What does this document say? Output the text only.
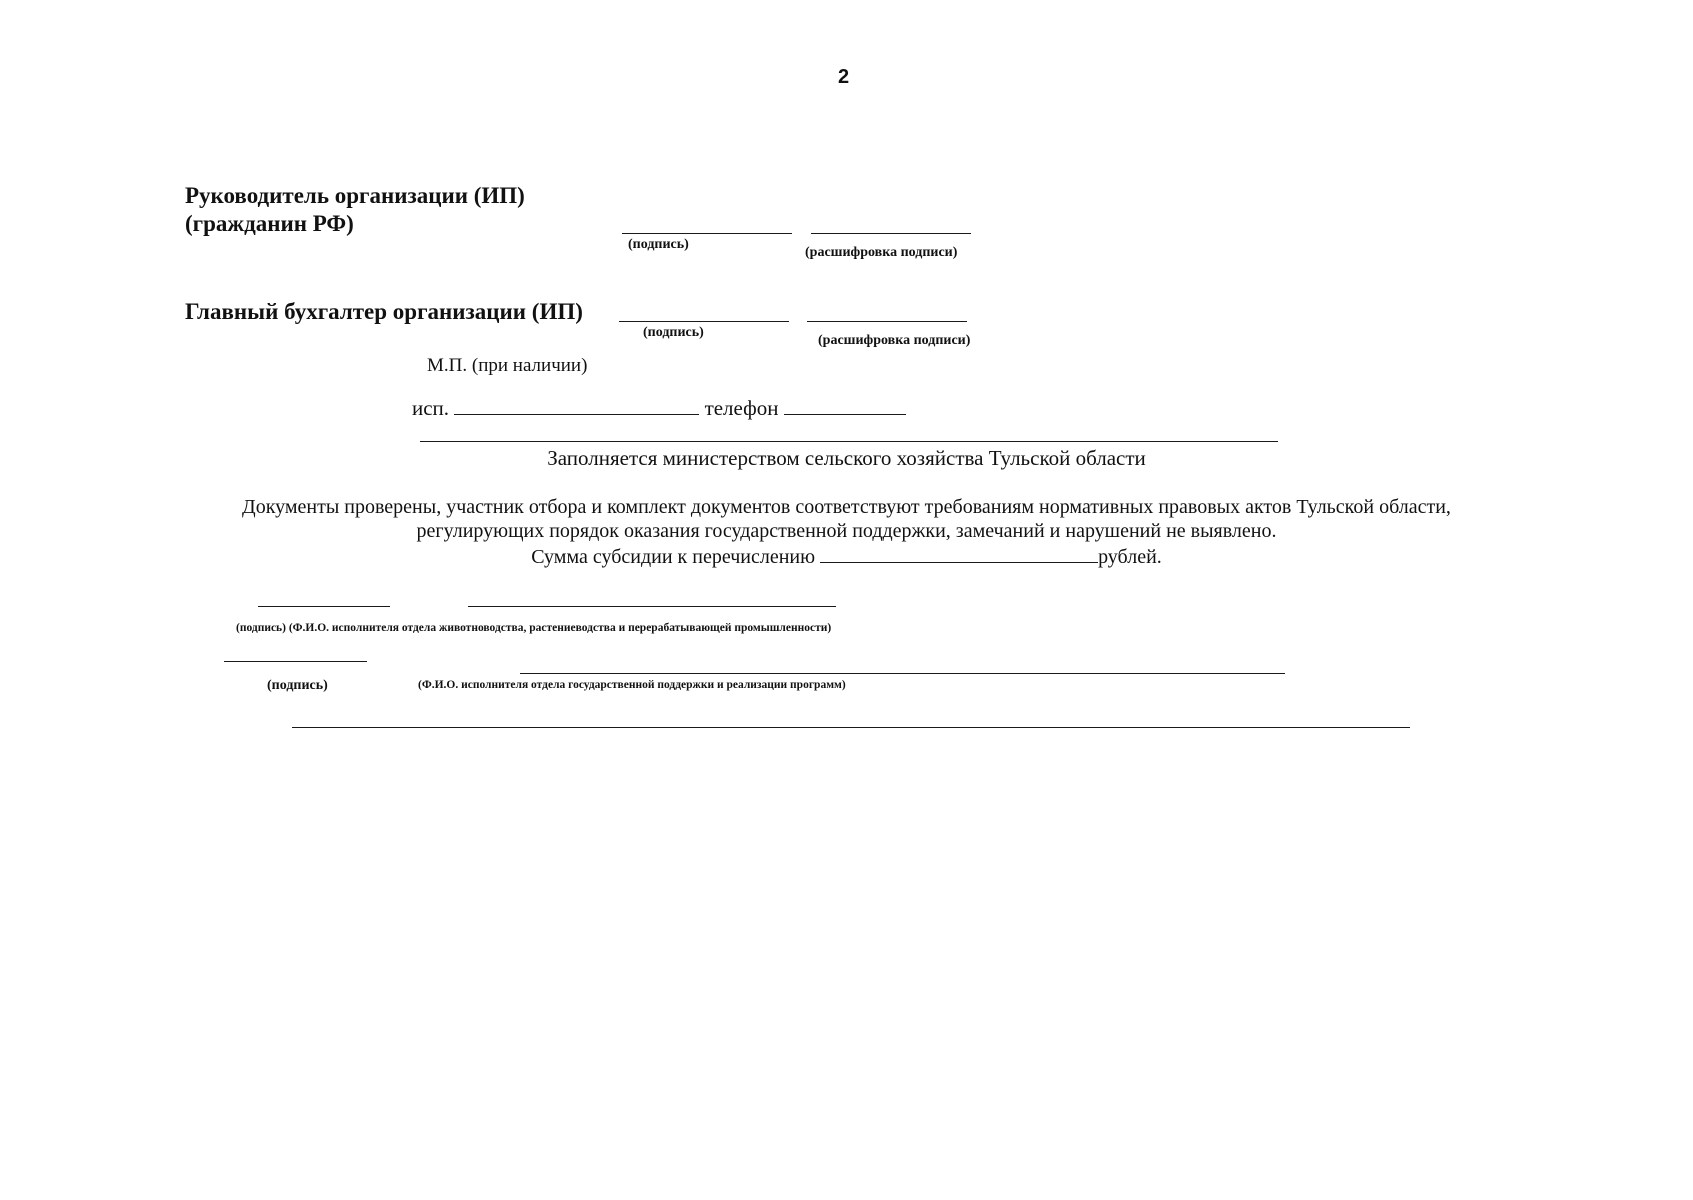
2
Руководитель организации (ИП)
(гражданин РФ)
(подпись)
(расшифровка подписи)
Главный бухгалтер организации (ИП)
(подпись)
(расшифровка подписи)
М.П. (при наличии)
исп.	телефон
Заполняется министерством сельского хозяйства Тульской области
Документы проверены, участник отбора и комплект документов соответствуют требованиям нормативных правовых актов Тульской области,
регулирующих порядок оказания государственной поддержки, замечаний и нарушений не выявлено.
Сумма субсидии к перечислению	рублей.
(подпись) (Ф.И.О. исполнителя отдела животноводства, растениеводства и перерабатывающей промышленности)
(подпись)	(Ф.И.О. исполнителя отдела государственной поддержки и реализации программ)
